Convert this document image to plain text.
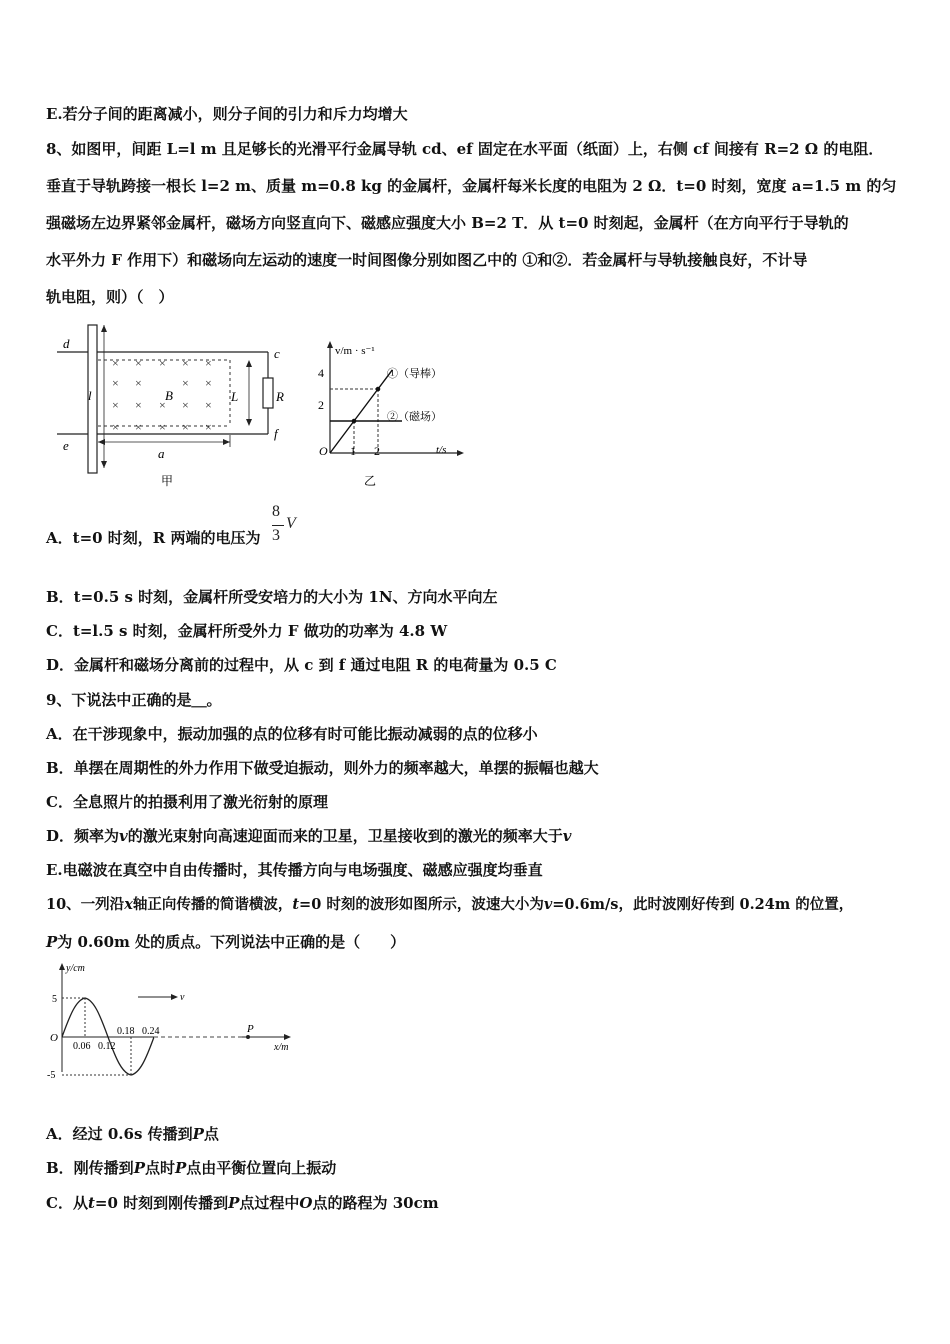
E.若分子间的距离减小，则分子间的引力和斥力均增大
8、如图甲，间距 L=l m 且足够长的光滑平行金属导轨 cd、ef 固定在水平面（纸面）上，右侧 cf 间接有 R=2 Ω 的电阻．
垂直于导轨跨接一根长 l=2 m、质量 m=0.8 kg 的金属杆，金属杆每米长度的电阻为 2 Ω．t=0 时刻，宽度 a=1.5 m 的匀
强磁场左边界紧邻金属杆，磁场方向竖直向下、磁感应强度大小 B=2 T．从 t=0 时刻起，金属杆（在方向平行于导轨的
水平外力 F 作用下）和磁场向左运动的速度一时间图像分别如图乙中的 ①和②．若金属杆与导轨接触良好，不计导
轨电阻，则）（　）
× × × × ×
× ×	× ×
× × × × ×
× × × × ×
d
e
c
f
l	B	L	R
a
甲
v/m · s⁻¹
t/s
O
4
2
1 2
①（导棒）
②（磁场）
乙
A．t=0 时刻，R 两端的电压为
8
3
V
B．t=0.5 s 时刻，金属杆所受安培力的大小为 1N、方向水平向左
C．t=l.5 s 时刻，金属杆所受外力 F 做功的功率为 4.8 W
D．金属杆和磁场分离前的过程中，从 c 到 f 通过电阻 R 的电荷量为 0.5 C
9、下说法中正确的是＿。
A．在干涉现象中，振动加强的点的位移有时可能比振动减弱的点的位移小
B．单摆在周期性的外力作用下做受迫振动，则外力的频率越大，单摆的振幅也越大
C．全息照片的拍摄利用了激光衍射的原理
D．频率为v的激光束射向高速迎面而来的卫星，卫星接收到的激光的频率大于v
E.电磁波在真空中自由传播时，其传播方向与电场强度、磁感应强度均垂直
10、一列沿x轴正向传播的简谐横波，t=0 时刻的波形如图所示，波速大小为v=0.6m/s，此时波刚好传到 0.24m 的位置，
P为 0.60m 处的质点。下列说法中正确的是（　　）
y/cm
x/m
O
5
-5
0.06 0.12
0.18 0.24	P
v
A．经过 0.6s 传播到P点
B．刚传播到P点时P点由平衡位置向上振动
C．从t=0 时刻到刚传播到P点过程中O点的路程为 30cm
